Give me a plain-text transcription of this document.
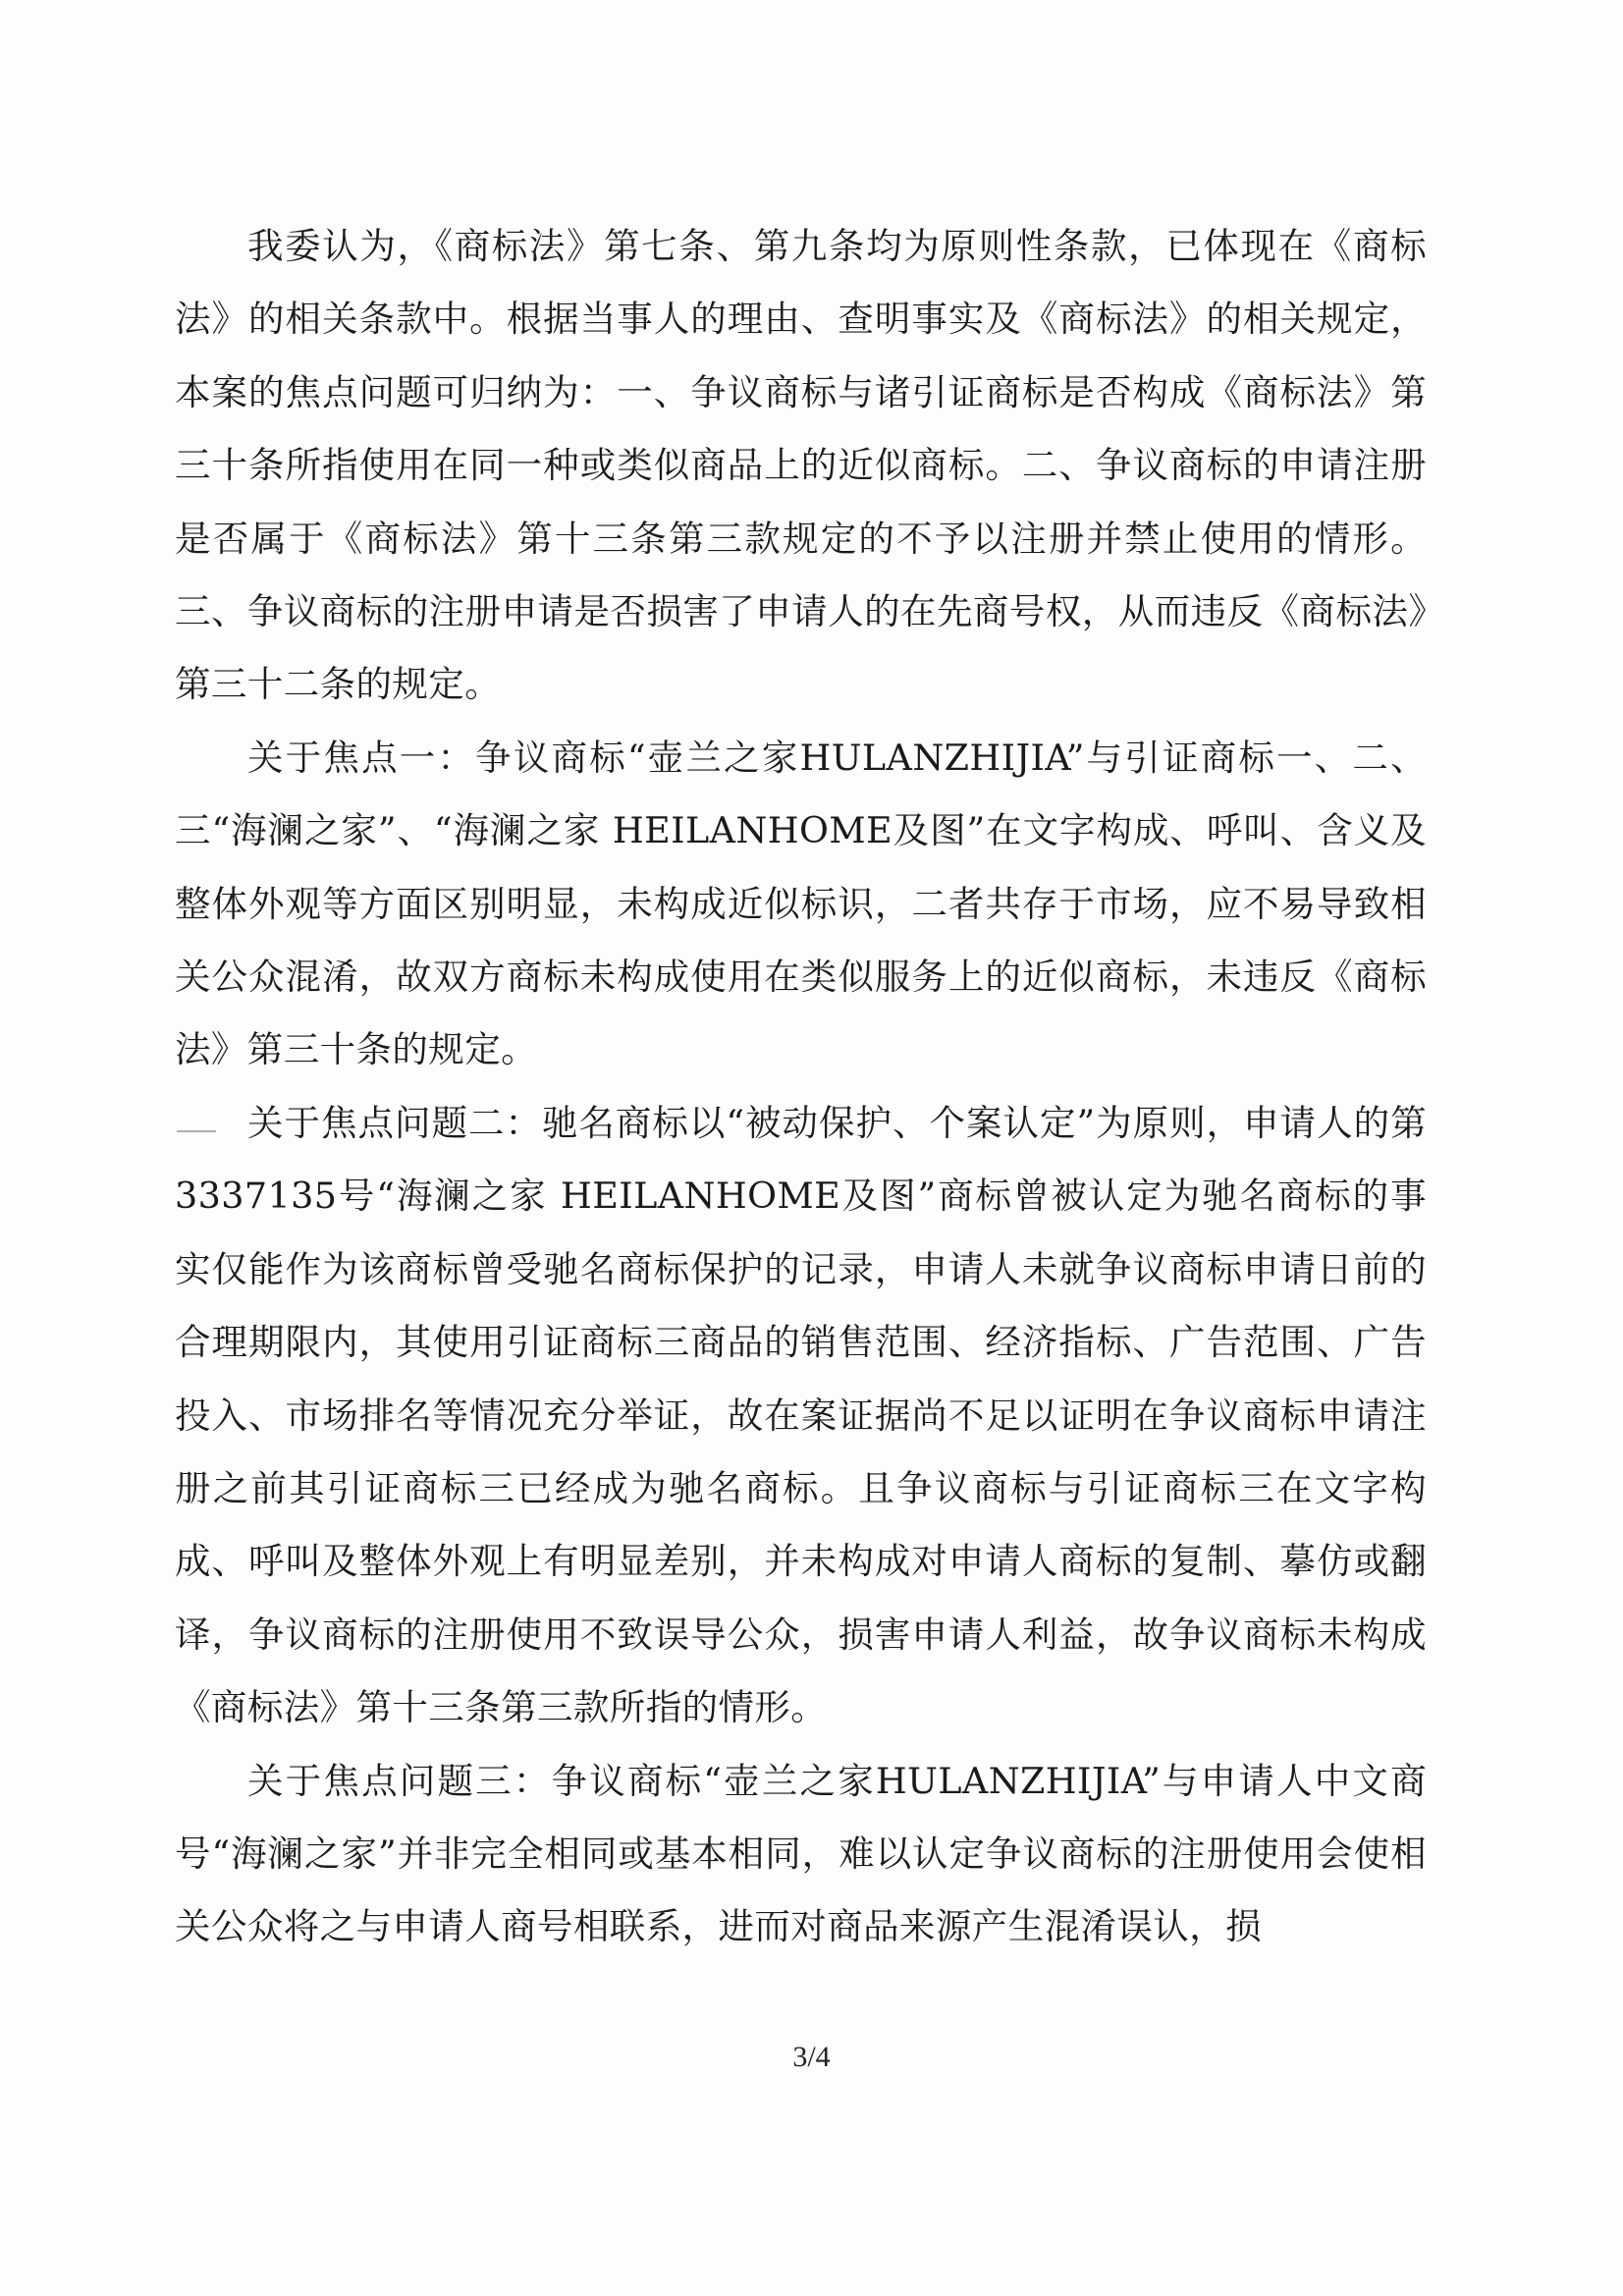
我委认为，《商标法》第七条、第九条均为原则性条款，已体现在《商标法》的相关条款中。根据当事人的理由、查明事实及《商标法》的相关规定，本案的焦点问题可归纳为：一、争议商标与诸引证商标是否构成《商标法》第三十条所指使用在同一种或类似商品上的近似商标。二、争议商标的申请注册是否属于《商标法》第十三条第三款规定的不予以注册并禁止使用的情形。三、争议商标的注册申请是否损害了申请人的在先商号权，从而违反《商标法》第三十二条的规定。

关于焦点一：争议商标“壶兰之家HULANZHIJIA”与引证商标一、二、三“海澜之家”、“海澜之家 HEILANHOME及图”在文字构成、呼叫、含义及整体外观等方面区别明显，未构成近似标识，二者共存于市场，应不易导致相关公众混淆，故双方商标未构成使用在类似服务上的近似商标，未违反《商标法》第三十条的规定。

关于焦点问题二：驰名商标以“被动保护、个案认定”为原则，申请人的第3337135号“海澜之家 HEILANHOME及图”商标曾被认定为驰名商标的事实仅能作为该商标曾受驰名商标保护的记录，申请人未就争议商标申请日前的合理期限内，其使用引证商标三商品的销售范围、经济指标、广告范围、广告投入、市场排名等情况充分举证，故在案证据尚不足以证明在争议商标申请注册之前其引证商标三已经成为驰名商标。且争议商标与引证商标三在文字构成、呼叫及整体外观上有明显差别，并未构成对申请人商标的复制、摹仿或翻译，争议商标的注册使用不致误导公众，损害申请人利益，故争议商标未构成《商标法》第十三条第三款所指的情形。

关于焦点问题三：争议商标“壶兰之家HULANZHIJIA”与申请人中文商号“海澜之家”并非完全相同或基本相同，难以认定争议商标的注册使用会使相关公众将之与申请人商号相联系，进而对商品来源产生混淆误认，损

3/4
